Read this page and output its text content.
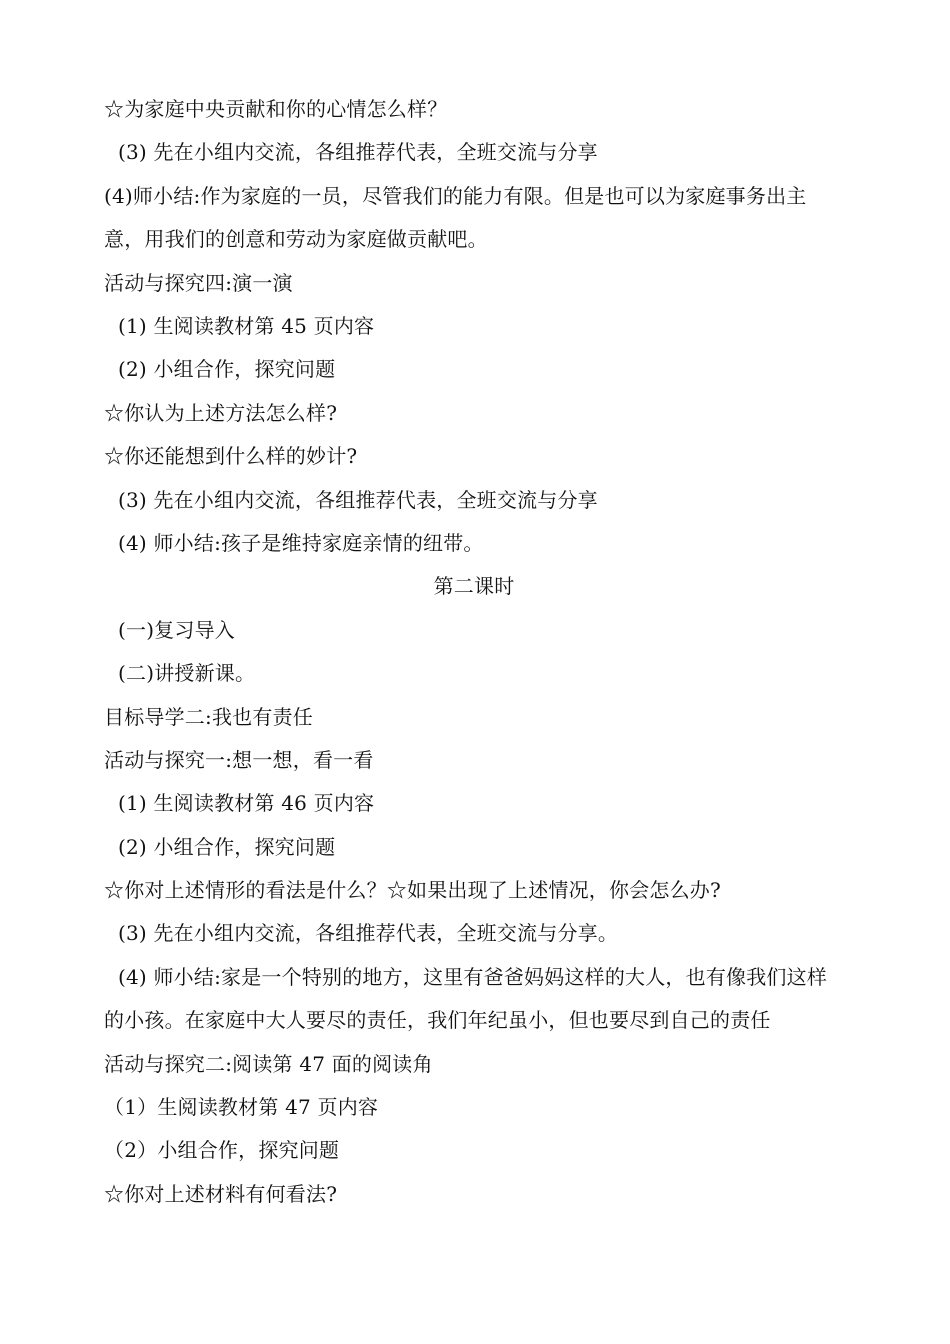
☆为家庭中央贡献和你的心情怎么样？
(3) 先在小组内交流，各组推荐代表，全班交流与分享
(4)师小结:作为家庭的一员，尽管我们的能力有限。但是也可以为家庭事务出主意，用我们的创意和劳动为家庭做贡献吧。
活动与探究四:演一演
(1) 生阅读教材第 45 页内容
(2) 小组合作，探究问题
☆你认为上述方法怎么样?
☆你还能想到什么样的妙计?
(3) 先在小组内交流，各组推荐代表，全班交流与分享
(4) 师小结:孩子是维持家庭亲情的纽带。
第二课时
(一)复习导入
(二)讲授新课。
目标导学二:我也有责任
活动与探究一:想一想，看一看
(1) 生阅读教材第 46 页内容
(2) 小组合作，探究问题
☆你对上述情形的看法是什么？☆如果出现了上述情况，你会怎么办?
(3) 先在小组内交流，各组推荐代表，全班交流与分享。
(4) 师小结:家是一个特别的地方，这里有爸爸妈妈这样的大人，也有像我们这样的小孩。在家庭中大人要尽的责任，我们年纪虽小，但也要尽到自己的责任
活动与探究二:阅读第 47 面的阅读角
（1）生阅读教材第 47 页内容
（2）小组合作，探究问题
☆你对上述材料有何看法?
